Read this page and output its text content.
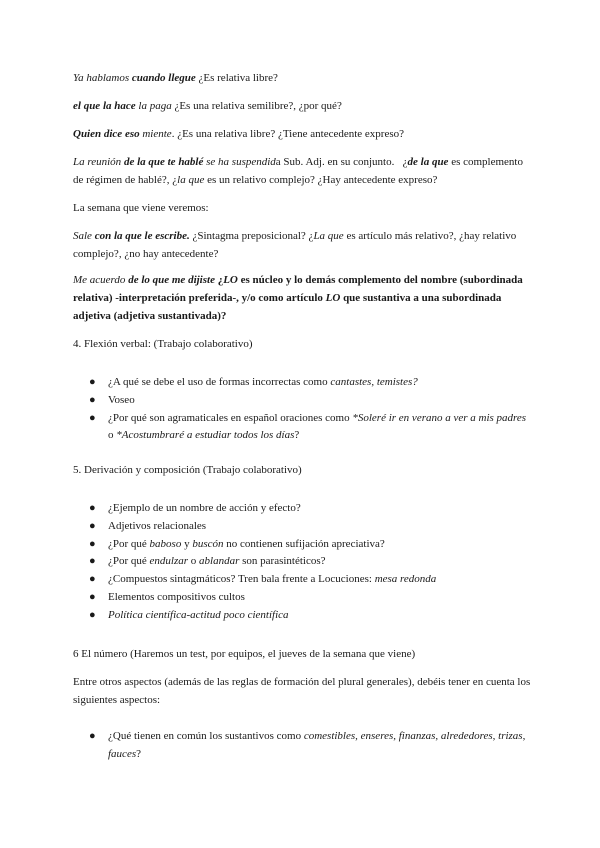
Ya hablamos cuando llegue ¿Es relativa libre?

el que la hace la paga ¿Es una relativa semilibre?, ¿por qué?

Quien dice eso miente. ¿Es una relativa libre? ¿Tiene antecedente expreso?

La reunión de la que te hablé se ha suspendida Sub. Adj. en su conjunto. ¿de la que es complemento de régimen de hablé?, ¿la que es un relativo complejo? ¿Hay antecedente expreso?

La semana que viene veremos:

Sale con la que le escribe. ¿Sintagma preposicional? ¿La que es artículo más relativo?, ¿hay relativo complejo?, ¿no hay antecedente?

Me acuerdo de lo que me dijiste ¿LO es núcleo y lo demás complemento del nombre (subordinada relativa) -interpretación preferida-, y/o como artículo LO que sustantiva a una subordinada adjetiva (adjetiva sustantivada)?

4. Flexión verbal: (Trabajo colaborativo)

● ¿A qué se debe el uso de formas incorrectas como cantastes, temistes?
● Voseo
● ¿Por qué son agramaticales en español oraciones como *Soleré ir en verano a ver a mis padres o *Acostumbraré a estudiar todos los días?

5. Derivación y composición (Trabajo colaborativo)

● ¿Ejemplo de un nombre de acción y efecto?
● Adjetivos relacionales
● ¿Por qué baboso y buscón no contienen sufijación apreciativa?
● ¿Por qué endulzar o ablandar son parasintéticos?
● ¿Compuestos sintagmáticos? Tren bala frente a Locuciones: mesa redonda
● Elementos compositivos cultos
● Política científica-actitud poco científica

6 El número (Haremos un test, por equipos, el jueves de la semana que viene)

Entre otros aspectos (además de las reglas de formación del plural generales), debéis tener en cuenta los siguientes aspectos:

● ¿Qué tienen en común los sustantivos como comestibles, enseres, finanzas, alrededores, trizas, fauces?
